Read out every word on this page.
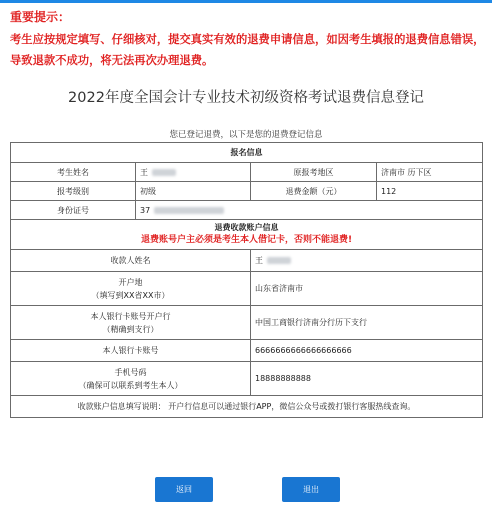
重要提示：
考生应按规定填写、仔细核对，提交真实有效的退费申请信息，如因考生填报的退费信息错误，导致退款不成功，将无法再次办理退费。
2022年度全国会计专业技术初级资格考试退费信息登记
您已登记退费，以下是您的退费登记信息
报名信息			
考生姓名	王	原报考地区	济南市 历下区
报考级别	初级	退费金额（元）	112
身份证号	37		

退费收款账户信息
退费账号户主必须是考生本人借记卡，否则不能退费!			

收款人姓名		王	

开户地
（填写到XX省XX市）		山东省济南市	

本人银行卡账号开户行
（精确到支行）		中国工商银行济南分行历下支行	
本人银行卡账号		6666666666666666666	

手机号码
（确保可以联系到考生本人）		18888888888	
收款账户信息填写说明： 开户行信息可以通过银行APP，微信公众号或拨打银行客服热线查询。			
返回	退出
